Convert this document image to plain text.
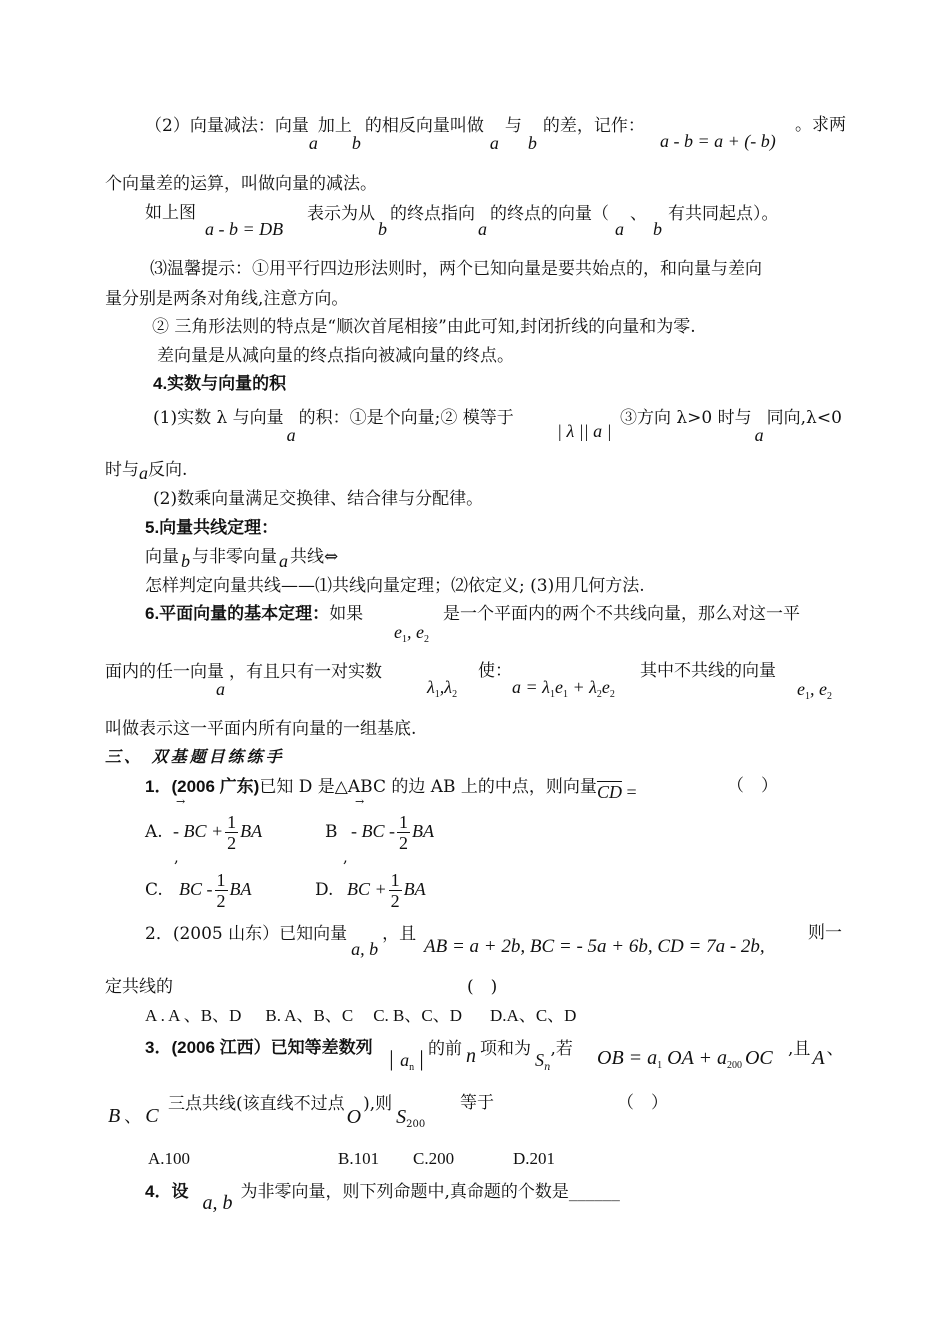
（2）向量减法：向量a加上b的相反向量叫做a与b的差，记作：
a - b = a + (- b)
。求两
个向量差的运算，叫做向量的减法。
如上图
a - b = DB
表示为从b的终点指向a的终点的向量（a、b有共同起点）。
⑶温馨提示：①用平行四边形法则时，两个已知向量是要共始点的，和向量与差向
量分别是两条对角线,注意方向。
② 三角形法则的特点是“顺次首尾相接”由此可知,封闭折线的向量和为零.
差向量是从减向量的终点指向被减向量的终点。
4.实数与向量的积
(1)实数 λ 与向量a的积：①是个向量;② 模等于
| λ || a |
③方向 λ>0 时与a同向,λ<0
时与a反向.
(2)数乘向量满足交换律、结合律与分配律。
5.向量共线定理：
向量 b 与非零向量 a 共线⇔
怎样判定向量共线——⑴共线向量定理；⑵依定义; (3)用几何方法.
6.平面向量的基本定理：如果
$e_1$, $e_2$
是一个平面内的两个不共线向量，那么对这一平
面内的任一向量a，有且只有一对实数
$\lambda_1,\lambda_2$
使：
$a = \lambda_1e_1 + \lambda_2e_2$
其中不共线的向量
$e_1$, $e_2$
叫做表示这一平面内所有向量的一组基底.
三、 双基题目练练手
1．(2006 广东)已知 D 是△ABC 的边 AB 上的中点，则向量$\overline{CD}$ =	（　）
→	→
A. - BC + $\frac{1}{2}$ BA	B - BC - $\frac{1}{2}$ BA
,	,
C. BC - $\frac{1}{2}$ BA	D. BC + $\frac{1}{2}$ BA
2．(2005 山东）已知向量a, b，且
AB = a + 2b, BC = - 5a + 6b, CD = 7a - 2b,
则一
定共线的	(　)
A . A 、B、D B. A、B、C C. B、C、D D.A、C、D
3．(2006 江西）已知等差数列 | $a_n$ | 的前 n 项和为$S_n$,若 OB = $a_1$ OA + $a_{200}$ OC ,且 A 、
B 、 C
三点共线(该直线不过点O),则$S_{200}$
等于	（　）
A.100	B.101 C.200	D.201
4．设a, b 为非零向量，则下列命题中,真命题的个数是______
